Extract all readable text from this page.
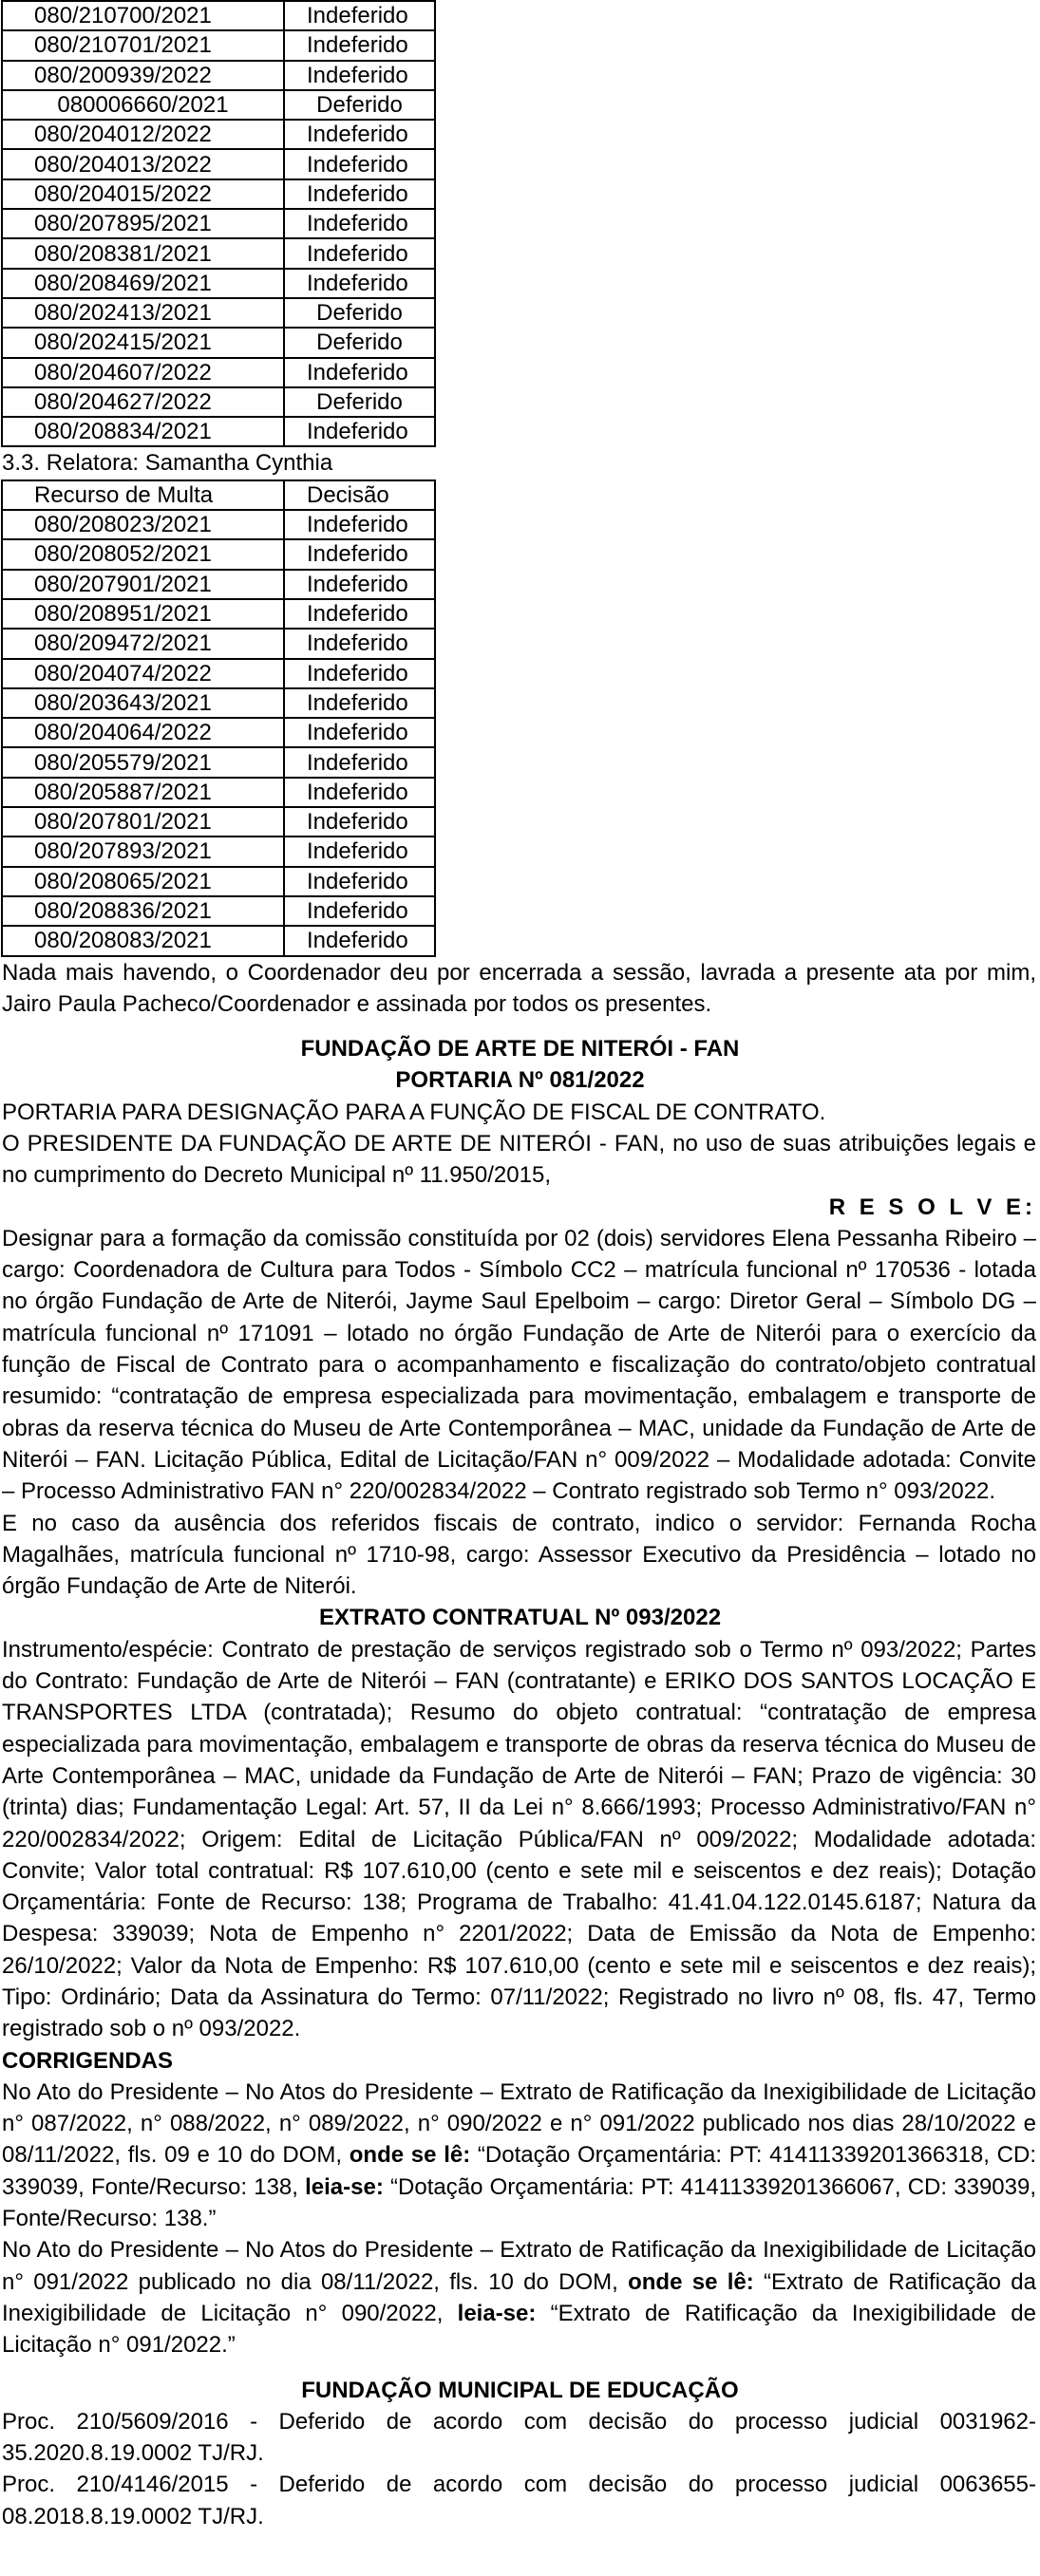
080/210700/2021	Indeferido
080/210701/2021	Indeferido
080/200939/2022	Indeferido
080006660/2021	Deferido
080/204012/2022	Indeferido
080/204013/2022	Indeferido
080/204015/2022	Indeferido
080/207895/2021	Indeferido
080/208381/2021	Indeferido
080/208469/2021	Indeferido
080/202413/2021	Deferido
080/202415/2021	Deferido
080/204607/2022	Indeferido
080/204627/2022	Deferido
080/208834/2021	Indeferido
3.3. Relatora: Samantha Cynthia
Recurso de Multa	Decisão
080/208023/2021	Indeferido
080/208052/2021	Indeferido
080/207901/2021	Indeferido
080/208951/2021	Indeferido
080/209472/2021	Indeferido
080/204074/2022	Indeferido
080/203643/2021	Indeferido
080/204064/2022	Indeferido
080/205579/2021	Indeferido
080/205887/2021	Indeferido
080/207801/2021	Indeferido
080/207893/2021	Indeferido
080/208065/2021	Indeferido
080/208836/2021	Indeferido
080/208083/2021	Indeferido

Nada mais havendo, o Coordenador deu por encerrada a sessão, lavrada a presente ata por mim, Jairo Paula Pacheco/Coordenador e assinada por todos os presentes.

FUNDAÇÃO DE ARTE DE NITERÓI - FAN
PORTARIA Nº 081/2022

PORTARIA PARA DESIGNAÇÃO PARA A FUNÇÃO DE FISCAL DE CONTRATO.

O PRESIDENTE DA FUNDAÇÃO DE ARTE DE NITERÓI - FAN, no uso de suas atribuições legais e no cumprimento do Decreto Municipal nº 11.950/2015,

R E S O L V E:

Designar para a formação da comissão constituída por 02 (dois) servidores Elena Pessanha Ribeiro – cargo: Coordenadora de Cultura para Todos - Símbolo CC2 – matrícula funcional nº 170536 - lotada no órgão Fundação de Arte de Niterói, Jayme Saul Epelboim – cargo: Diretor Geral – Símbolo DG – matrícula funcional nº 171091 – lotado no órgão Fundação de Arte de Niterói para o exercício da função de Fiscal de Contrato para o acompanhamento e fiscalização do contrato/objeto contratual resumido: “contratação de empresa especializada para movimentação, embalagem e transporte de obras da reserva técnica do Museu de Arte Contemporânea – MAC, unidade da Fundação de Arte de Niterói – FAN. Licitação Pública, Edital de Licitação/FAN n° 009/2022 – Modalidade adotada: Convite – Processo Administrativo FAN n° 220/002834/2022 – Contrato registrado sob Termo n° 093/2022.

E no caso da ausência dos referidos fiscais de contrato, indico o servidor: Fernanda Rocha Magalhães, matrícula funcional nº 1710-98, cargo: Assessor Executivo da Presidência – lotado no órgão Fundação de Arte de Niterói.

EXTRATO CONTRATUAL Nº 093/2022

Instrumento/espécie: Contrato de prestação de serviços registrado sob o Termo nº 093/2022; Partes do Contrato: Fundação de Arte de Niterói – FAN (contratante) e ERIKO DOS SANTOS LOCAÇÃO E TRANSPORTES LTDA (contratada); Resumo do objeto contratual: “contratação de empresa especializada para movimentação, embalagem e transporte de obras da reserva técnica do Museu de Arte Contemporânea – MAC, unidade da Fundação de Arte de Niterói – FAN; Prazo de vigência: 30 (trinta) dias; Fundamentação Legal: Art. 57, II da Lei n° 8.666/1993; Processo Administrativo/FAN n° 220/002834/2022; Origem: Edital de Licitação Pública/FAN nº 009/2022; Modalidade adotada: Convite; Valor total contratual: R$ 107.610,00 (cento e sete mil e seiscentos e dez reais); Dotação Orçamentária: Fonte de Recurso: 138; Programa de Trabalho: 41.41.04.122.0145.6187; Natura da Despesa: 339039; Nota de Empenho n° 2201/2022; Data de Emissão da Nota de Empenho: 26/10/2022; Valor da Nota de Empenho: R$ 107.610,00 (cento e sete mil e seiscentos e dez reais); Tipo: Ordinário; Data da Assinatura do Termo: 07/11/2022; Registrado no livro nº 08, fls. 47, Termo registrado sob o nº 093/2022.

CORRIGENDAS

No Ato do Presidente – No Atos do Presidente – Extrato de Ratificação da Inexigibilidade de Licitação n° 087/2022, n° 088/2022, n° 089/2022, n° 090/2022 e n° 091/2022 publicado nos dias 28/10/2022 e 08/11/2022, fls. 09 e 10 do DOM, onde se lê: “Dotação Orçamentária: PT: 41411339201366318, CD: 339039, Fonte/Recurso: 138, leia-se: “Dotação Orçamentária: PT: 41411339201366067, CD: 339039, Fonte/Recurso: 138.”

No Ato do Presidente – No Atos do Presidente – Extrato de Ratificação da Inexigibilidade de Licitação n° 091/2022 publicado no dia 08/11/2022, fls. 10 do DOM, onde se lê: “Extrato de Ratificação da Inexigibilidade de Licitação n° 090/2022, leia-se: “Extrato de Ratificação da Inexigibilidade de Licitação n° 091/2022.”

FUNDAÇÃO MUNICIPAL DE EDUCAÇÃO

Proc. 210/5609/2016 - Deferido de acordo com decisão do processo judicial 0031962-35.2020.8.19.0002 TJ/RJ.

Proc. 210/4146/2015 - Deferido de acordo com decisão do processo judicial 0063655-08.2018.8.19.0002 TJ/RJ.
